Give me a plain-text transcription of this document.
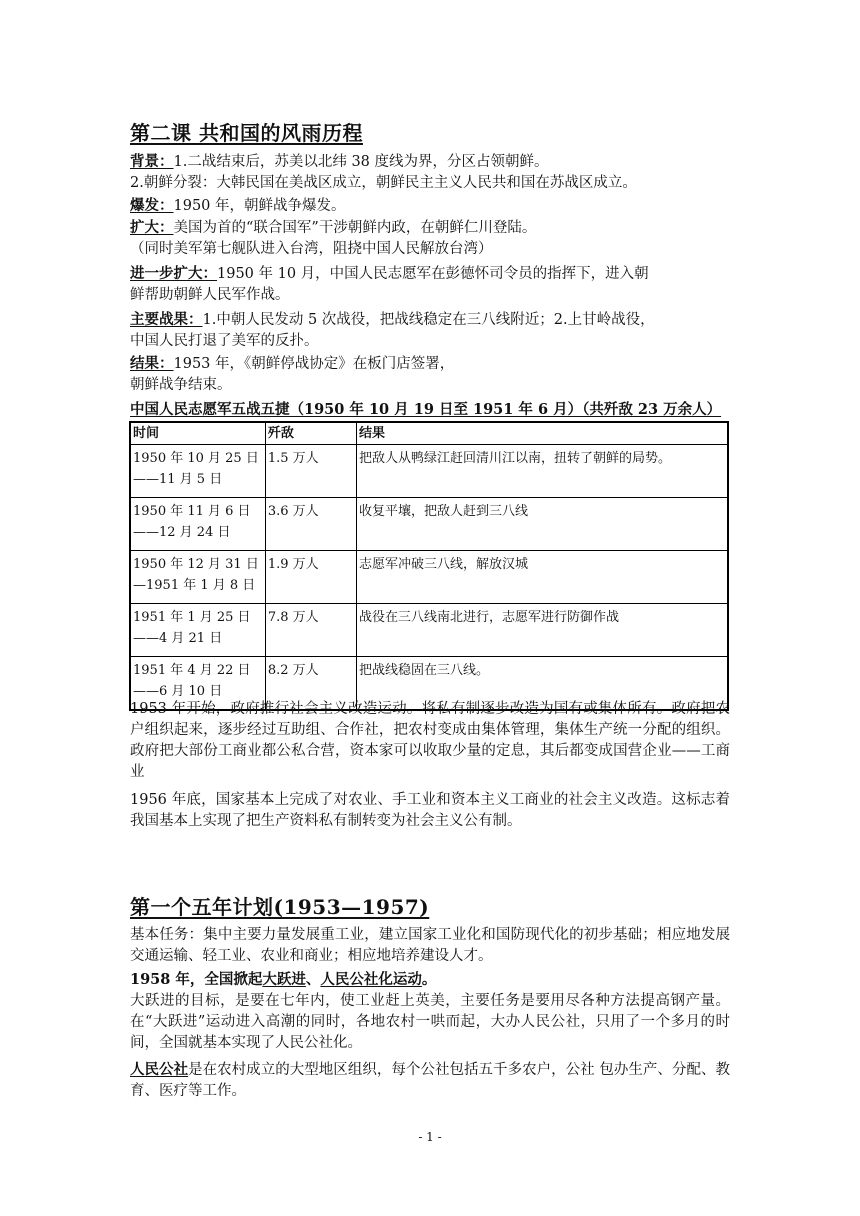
第二课 共和国的风雨历程
背景：1.二战结束后，苏美以北纬 38 度线为界，分区占领朝鲜。
2.朝鲜分裂：大韩民国在美战区成立，朝鲜民主主义人民共和国在苏战区成立。
爆发：1950 年，朝鲜战争爆发。
扩大：美国为首的“联合国军”干涉朝鲜内政，在朝鲜仁川登陆。
（同时美军第七舰队进入台湾，阻挠中国人民解放台湾）
进一步扩大：1950 年 10 月，中国人民志愿军在彭德怀司令员的指挥下，进入朝
鲜帮助朝鲜人民军作战。
主要战果：1.中朝人民发动 5 次战役，把战线稳定在三八线附近；2.上甘岭战役，
中国人民打退了美军的反扑。
结果：1953 年，《朝鲜停战协定》在板门店签署，
朝鲜战争结束。
中国人民志愿军五战五捷（1950 年 10 月 19 日至 1951 年 6 月）（共歼敌 23 万余人）
时间	歼敌	结果
1950 年 10 月 25 日
——11 月 5 日	1.5 万人	把敌人从鸭绿江赶回清川江以南，扭转了朝鲜的局势。
1950 年 11 月 6 日
——12 月 24 日	3.6 万人	收复平壤，把敌人赶到三八线
1950 年 12 月 31 日
—1951 年 1 月 8 日	1.9 万人	志愿军冲破三八线，解放汉城
1951 年 1 月 25 日
——4 月 21 日	7.8 万人	战役在三八线南北进行，志愿军进行防御作战
1951 年 4 月 22 日
——6 月 10 日	8.2 万人	把战线稳固在三八线。
1953 年开始，政府推行社会主义改造运动。将私有制逐步改造为国有或集体所有。政府把农户组织起来，逐步经过互助组、合作社，把农村变成由集体管理，集体生产统一分配的组织。政府把大部份工商业都公私合营，资本家可以收取少量的定息，其后都变成国营企业——工商业
1956 年底，国家基本上完成了对农业、手工业和资本主义工商业的社会主义改造。这标志着我国基本上实现了把生产资料私有制转变为社会主义公有制。
第一个五年计划(1953—1957)
基本任务：集中主要力量发展重工业，建立国家工业化和国防现代化的初步基础；相应地发展交通运输、轻工业、农业和商业；相应地培养建设人才。
1958 年，全国掀起大跃进、人民公社化运动。
大跃进的目标，是要在七年内，使工业赶上英美，主要任务是要用尽各种方法提高钢产量。在“大跃进”运动进入高潮的同时，各地农村一哄而起，大办人民公社，只用了一个多月的时间，全国就基本实现了人民公社化。
人民公社是在农村成立的大型地区组织，每个公社包括五千多农户，公社 包办生产、分配、教育、医疗等工作。
- 1 -
